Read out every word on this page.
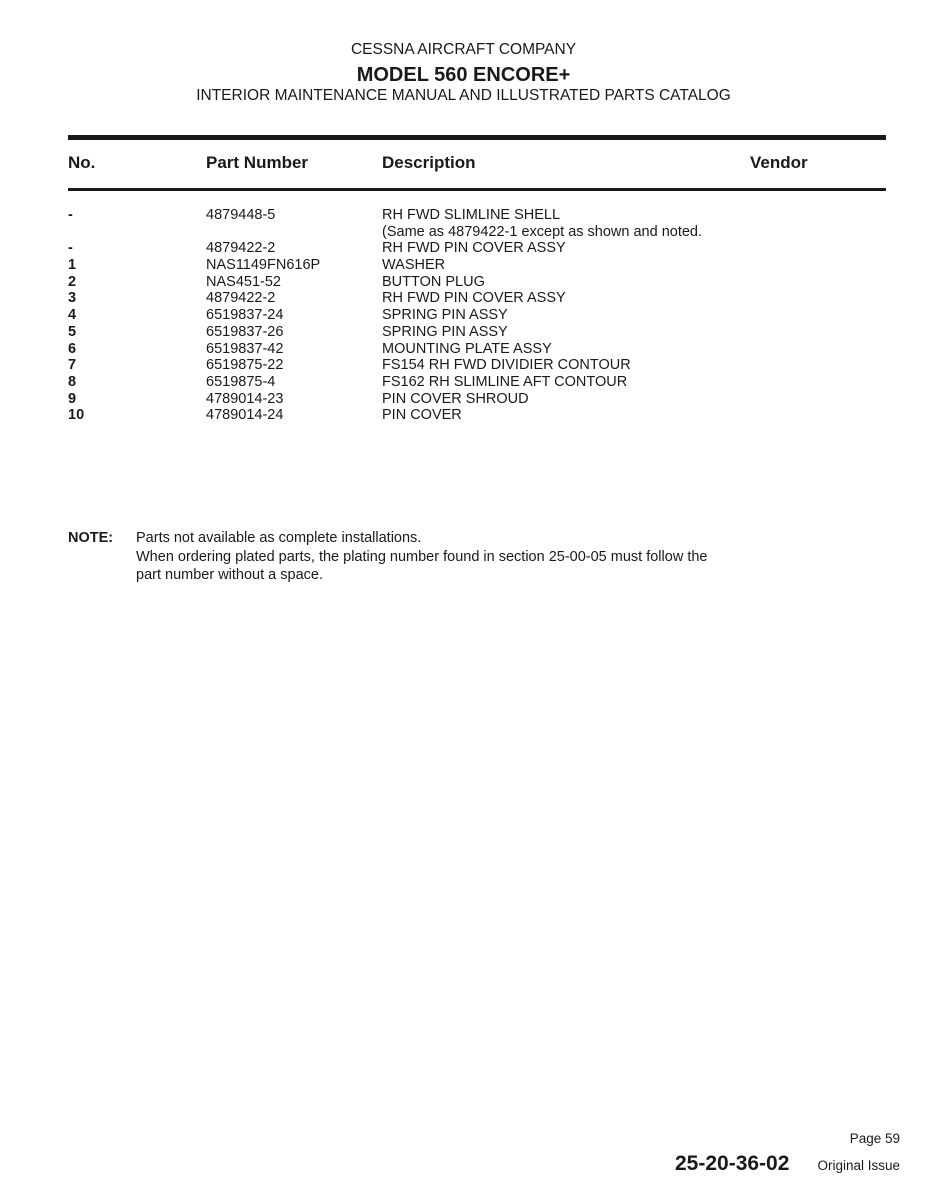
CESSNA AIRCRAFT COMPANY
MODEL 560 ENCORE+
INTERIOR MAINTENANCE MANUAL AND ILLUSTRATED PARTS CATALOG
No.	Part Number	Description	Vendor
-	4879448-5	RH FWD SLIMLINE SHELL
(Same as 4879422-1 except as shown and noted.
-	4879422-2	RH FWD PIN COVER ASSY
1	NAS1149FN616P	WASHER
2	NAS451-52	BUTTON PLUG
3	4879422-2	RH FWD PIN COVER ASSY
4	6519837-24	SPRING PIN ASSY
5	6519837-26	SPRING PIN ASSY
6	6519837-42	MOUNTING PLATE ASSY
7	6519875-22	FS154 RH FWD DIVIDIER CONTOUR
8	6519875-4	FS162 RH SLIMLINE AFT CONTOUR
9	4789014-23	PIN COVER SHROUD
10	4789014-24	PIN COVER
NOTE: Parts not available as complete installations.
When ordering plated parts, the plating number found in section 25-00-05 must follow the
part number without a space.
Page 59
25-20-36-02 Original Issue
